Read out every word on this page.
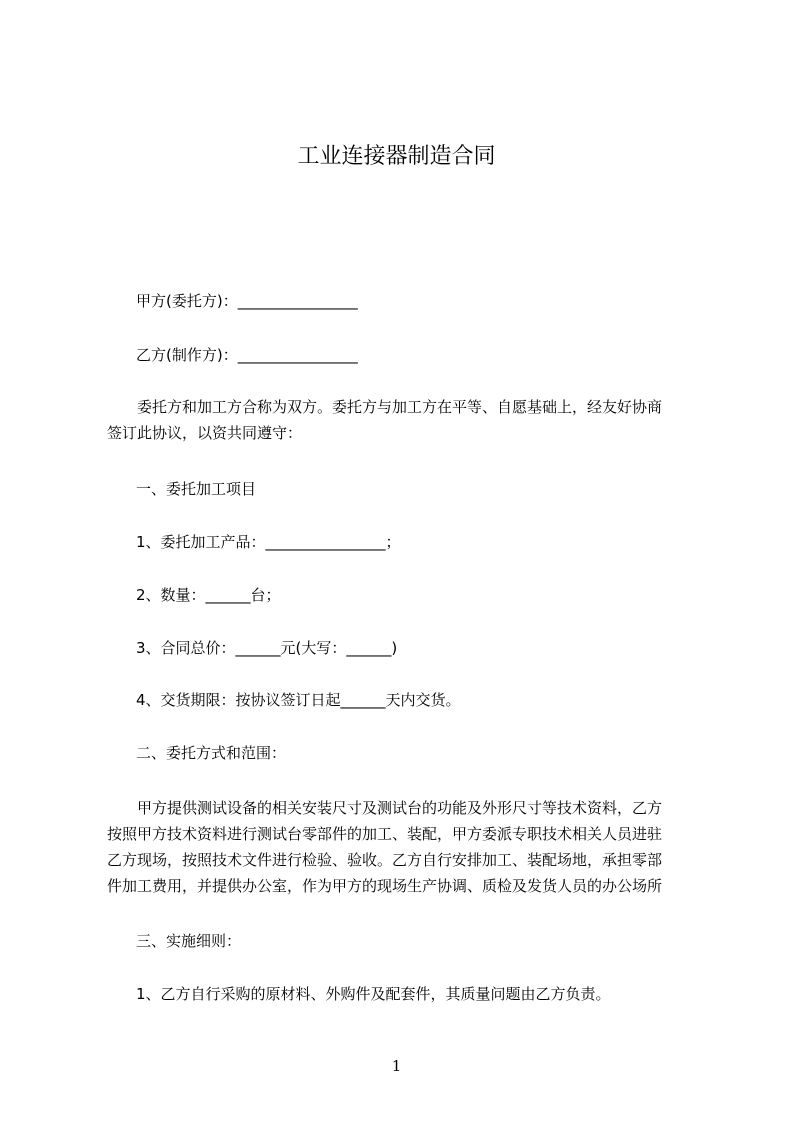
工业连接器制造合同
甲方(委托方)：________________
乙方(制作方)：________________
委托方和加工方合称为双方。委托方与加工方在平等、自愿基础上，经友好协商
签订此协议，以资共同遵守：
一、委托加工项目
1、委托加工产品：________________；
2、数量：______台；
3、合同总价：______元(大写：______)
4、交货期限：按协议签订日起______天内交货。
二、委托方式和范围：
甲方提供测试设备的相关安装尺寸及测试台的功能及外形尺寸等技术资料，乙方
按照甲方技术资料进行测试台零部件的加工、装配，甲方委派专职技术相关人员进驻
乙方现场，按照技术文件进行检验、验收。乙方自行安排加工、装配场地，承担零部
件加工费用，并提供办公室，作为甲方的现场生产协调、质检及发货人员的办公场所
三、实施细则：
1、乙方自行采购的原材料、外购件及配套件，其质量问题由乙方负责。
1
